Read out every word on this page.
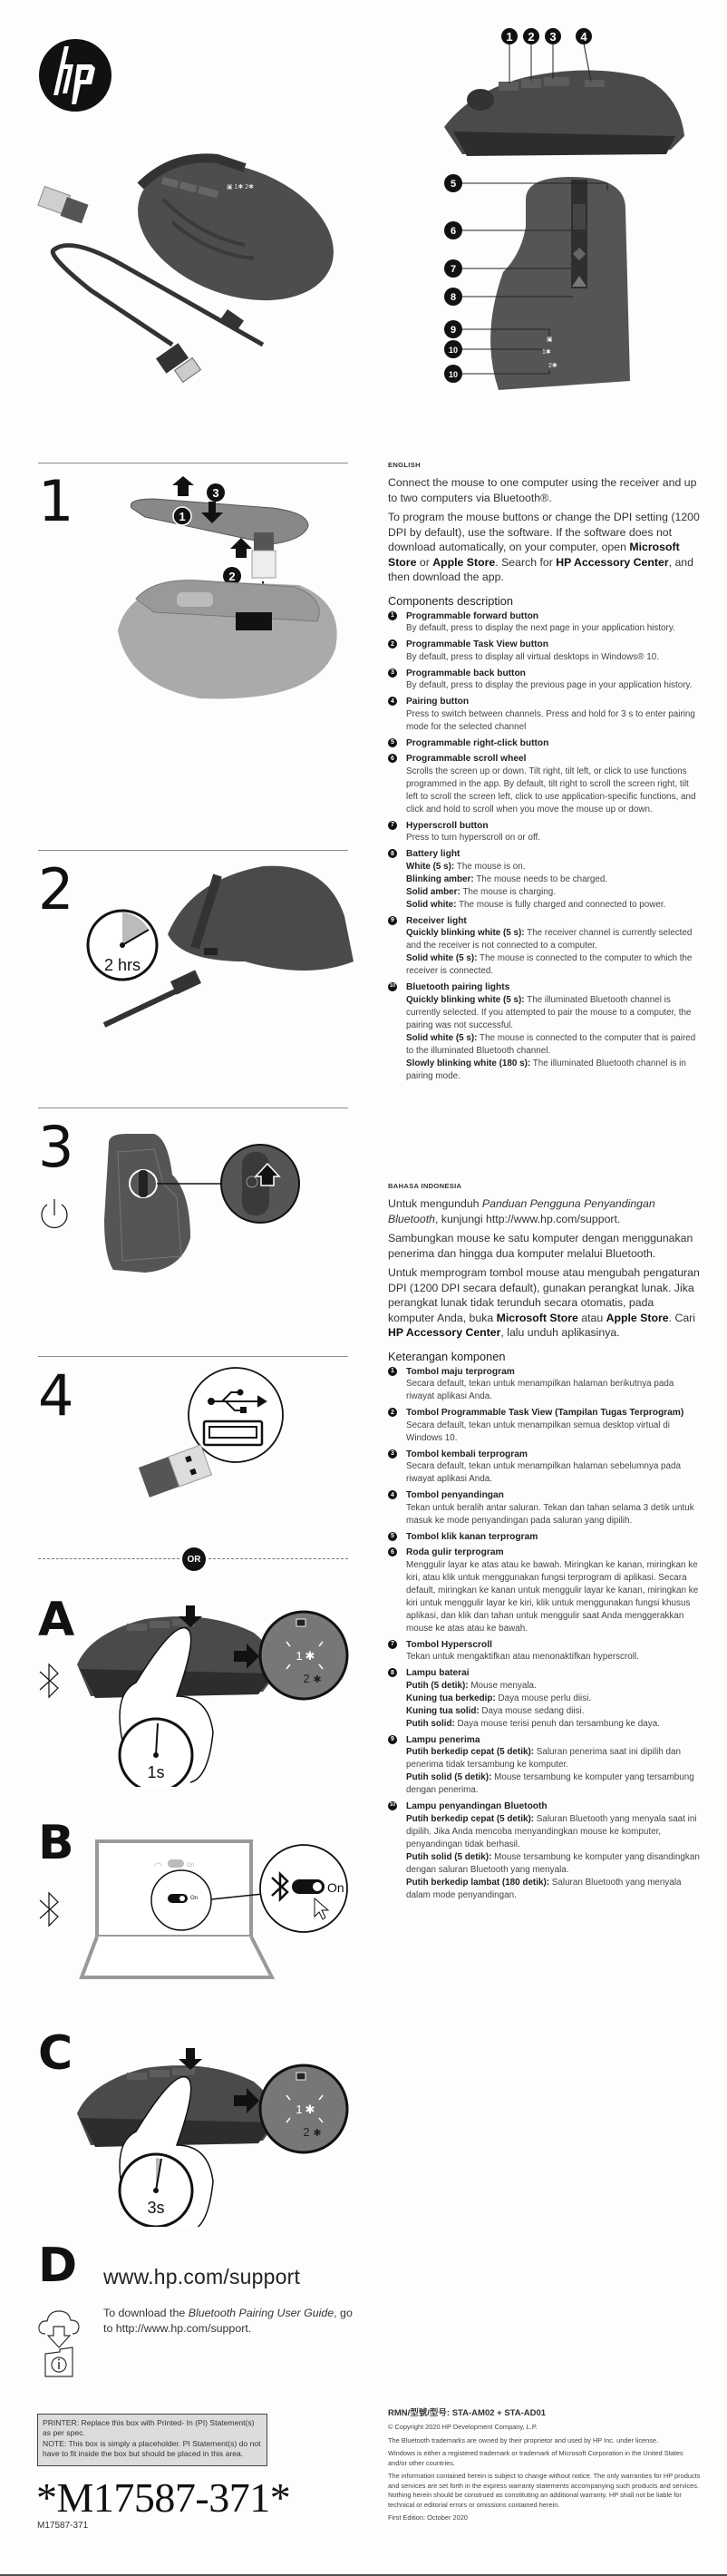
▣ 1✱ 2✱
1 2 3 4
▣
1✱
2✱
5
6
7
8
9
10
10
1	1
3
2
2
2 hrs
3
4
OR
A
1s
1 ✱
2 ✱
B	◠	On
On
On
C
3s
1 ✱
2 ✱
D www.hp.com/support
To download the Bluetooth Pairing User Guide, go to http://www.hp.com/support.

PRINTER: Replace this box with Printed- In (PI) Statement(s) as per spec.

NOTE: This box is simply a placeholder. PI Statement(s) do not have to fit inside the box but should be placed in this area.

*M17587-371*
M17587-371
ENGLISH

Connect the mouse to one computer using the receiver and up to two computers via Bluetooth®.

To program the mouse buttons or change the DPI setting (1200 DPI by default), use the software. If the software does not download automatically, on your computer, open Microsoft Store or Apple Store. Search for HP Accessory Center, and then download the app.

Components description
1 Programmable forward button
By default, press to display the next page in your application history.
2 Programmable Task View button
By default, press to display all virtual desktops in Windows® 10.
3 Programmable back button
By default, press to display the previous page in your application history.
4 Pairing button
Press to switch between channels. Press and hold for 3 s to enter pairing mode for the selected channel
5 Programmable right-click button
6 Programmable scroll wheel
Scrolls the screen up or down. Tilt right, tilt left, or click to use functions programmed in the app. By default, tilt right to scroll the screen right, tilt left to scroll the screen left, click to use application-specific functions, and click and hold to scroll when you move the mouse up or down.
7 Hyperscroll button
Press to turn hyperscroll on or off.
8 Battery light
White (5 s): The mouse is on.
Blinking amber: The mouse needs to be charged.
Solid amber: The mouse is charging.
Solid white: The mouse is fully charged and connected to power.
9 Receiver light
Quickly blinking white (5 s): The receiver channel is currently selected and the receiver is not connected to a computer.
Solid white (5 s): The mouse is connected to the computer to which the receiver is connected.
10 Bluetooth pairing lights
Quickly blinking white (5 s): The illuminated Bluetooth channel is currently selected. If you attempted to pair the mouse to a computer, the pairing was not successful.
Solid white (5 s): The mouse is connected to the computer that is paired to the illuminated Bluetooth channel.
Slowly blinking white (180 s): The illuminated Bluetooth channel is in pairing mode.
BAHASA INDONESIA

Untuk mengunduh Panduan Pengguna Penyandingan Bluetooth, kunjungi http://www.hp.com/support.

Sambungkan mouse ke satu komputer dengan menggunakan penerima dan hingga dua komputer melalui Bluetooth.

Untuk memprogram tombol mouse atau mengubah pengaturan DPI (1200 DPI secara default), gunakan perangkat lunak. Jika perangkat lunak tidak terunduh secara otomatis, pada komputer Anda, buka Microsoft Store atau Apple Store. Cari HP Accessory Center, lalu unduh aplikasinya.

Keterangan komponen
1 Tombol maju terprogram
Secara default, tekan untuk menampilkan halaman berikutnya pada riwayat aplikasi Anda.
2 Tombol Programmable Task View (Tampilan Tugas Terprogram)
Secara default, tekan untuk menampilkan semua desktop virtual di Windows 10.
3 Tombol kembali terprogram
Secara default, tekan untuk menampilkan halaman sebelumnya pada riwayat aplikasi Anda.
4 Tombol penyandingan
Tekan untuk beralih antar saluran. Tekan dan tahan selama 3 detik untuk masuk ke mode penyandingan pada saluran yang dipilih.
5 Tombol klik kanan terprogram
6 Roda gulir terprogram
Menggulir layar ke atas atau ke bawah. Miringkan ke kanan, miringkan ke kiri, atau klik untuk menggunakan fungsi terprogram di aplikasi. Secara default, miringkan ke kanan untuk menggulir layar ke kanan, miringkan ke kiri untuk menggulir layar ke kiri, klik untuk menggunakan fungsi khusus aplikasi, dan klik dan tahan untuk menggulir saat Anda menggerakkan mouse ke atas atau ke bawah.
7 Tombol Hyperscroll
Tekan untuk mengaktifkan atau menonaktifkan hyperscroll.
8 Lampu baterai
Putih (5 detik): Mouse menyala.
Kuning tua berkedip: Daya mouse perlu diisi.
Kuning tua solid: Daya mouse sedang diisi.
Putih solid: Daya mouse terisi penuh dan tersambung ke daya.
9 Lampu penerima
Putih berkedip cepat (5 detik): Saluran penerima saat ini dipilih dan penerima tidak tersambung ke komputer.
Putih solid (5 detik): Mouse tersambung ke komputer yang tersambung dengan penerima.
10 Lampu penyandingan Bluetooth
Putih berkedip cepat (5 detik): Saluran Bluetooth yang menyala saat ini dipilih. Jika Anda mencoba menyandingkan mouse ke komputer, penyandingan tidak berhasil.
Putih solid (5 detik): Mouse tersambung ke komputer yang disandingkan dengan saluran Bluetooth yang menyala.
Putih berkedip lambat (180 detik): Saluran Bluetooth yang menyala dalam mode penyandingan.
RMN/型號/型号: STA-AM02 + STA-AD01

© Copyright 2020 HP Development Company, L.P.

The Bluetooth trademarks are owned by their proprietor and used by HP Inc. under license.

Windows is either a registered trademark or trademark of Microsoft Corporation in the United States and/or other countries.

The information contained herein is subject to change without notice. The only warranties for HP products and services are set forth in the express warranty statements accompanying such products and services. Nothing herein should be construed as constituting an additional warranty. HP shall not be liable for technical or editorial errors or omissions contained herein.

First Edition: October 2020
